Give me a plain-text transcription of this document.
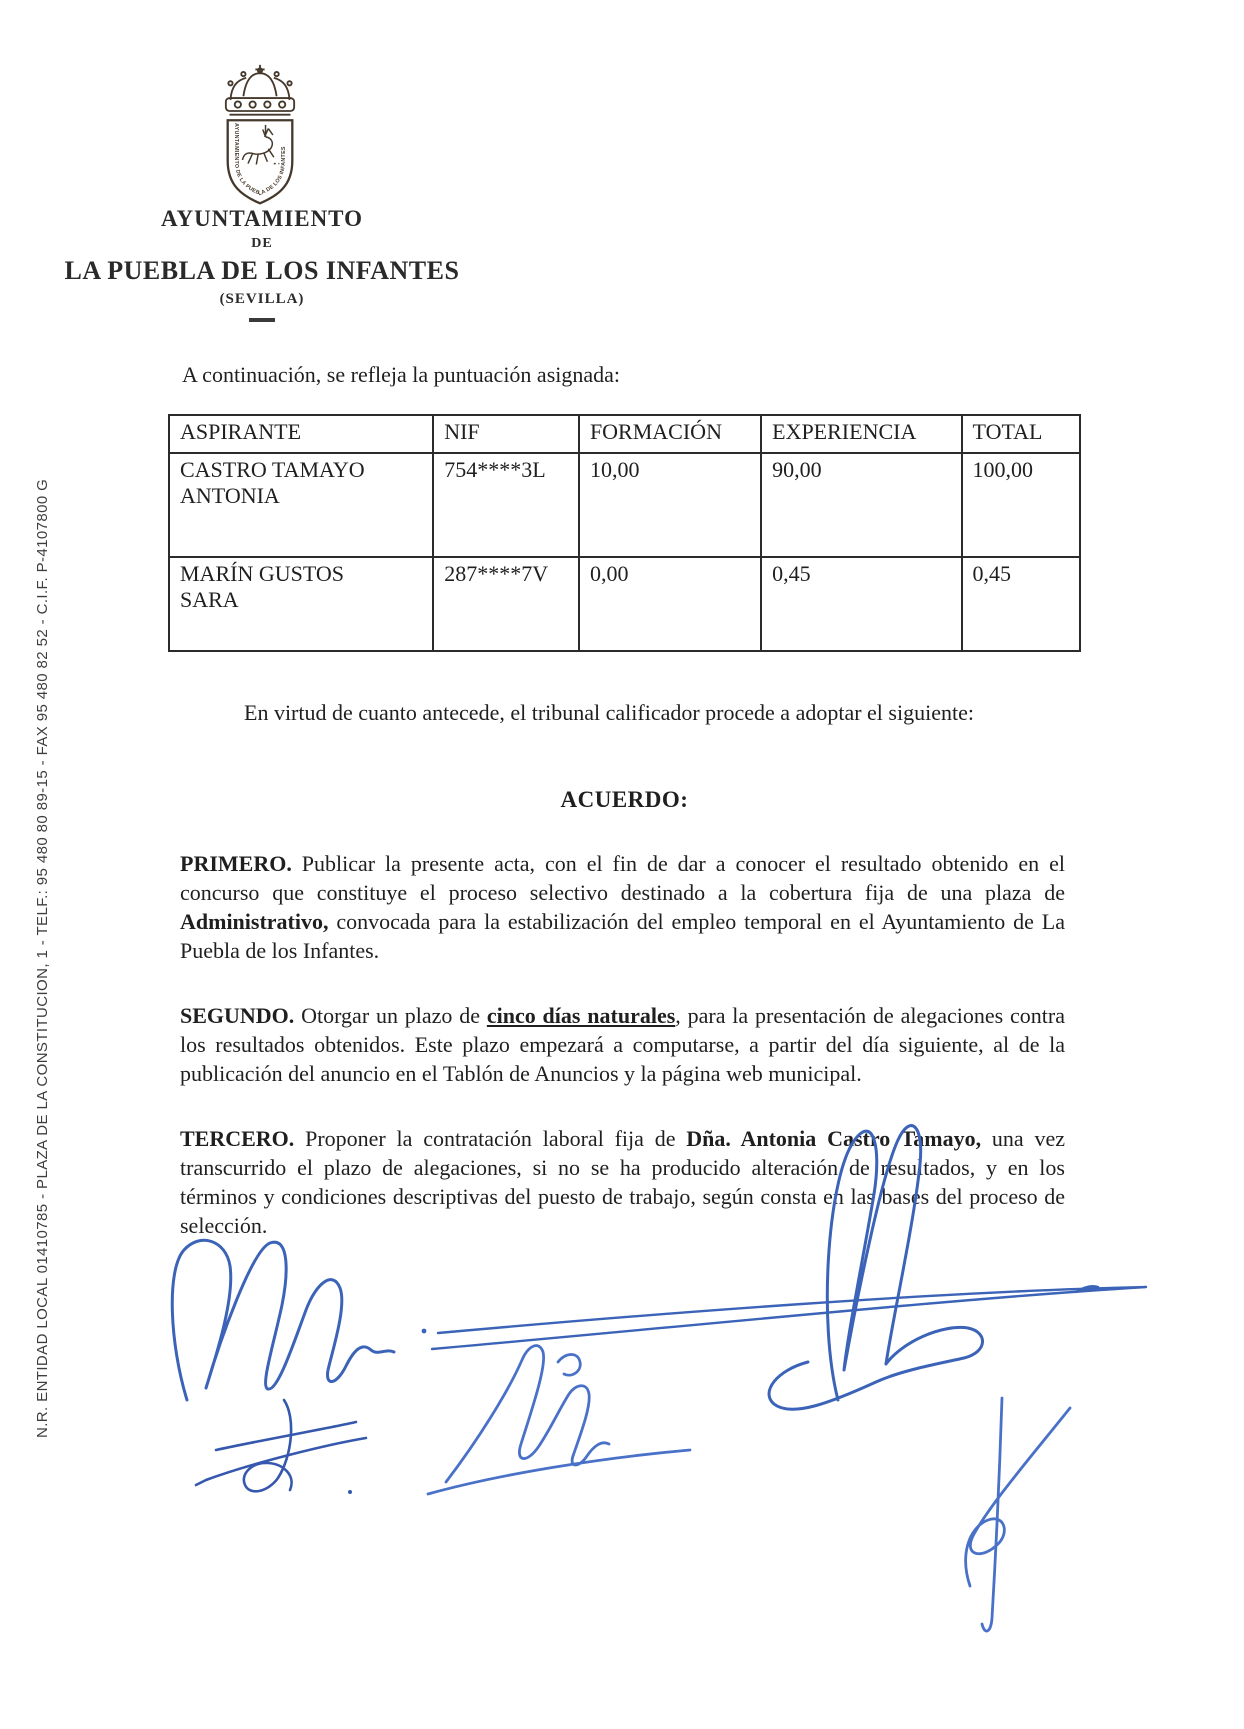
N.R. ENTIDAD LOCAL 01410785 - PLAZA DE LA CONSTITUCION, 1 - TELF.: 95 480 80 89-15 - FAX 95 480 82 52 - C.I.F. P-4107800 G
AYUNTAMIENTO DE LA PUEBLA DE LOS INFANTES
AYUNTAMIENTO
DE
LA PUEBLA DE LOS INFANTES
(SEVILLA)

A continuación, se refleja la puntuación asignada:

ASPIRANTE	NIF	FORMACIÓN	EXPERIENCIA	TOTAL

CASTRO TAMAYO
ANTONIA	754****3L	10,00	90,00	100,00

MARÍN GUSTOS
SARA	287****7V	0,00	0,45	0,45

En virtud de cuanto antecede, el tribunal calificador procede a adoptar el siguiente:

ACUERDO:

PRIMERO. Publicar la presente acta, con el fin de dar a conocer el resultado obtenido en el concurso que constituye el proceso selectivo destinado a la cobertura fija de una plaza de Administrativo, convocada para la estabilización del empleo temporal en el Ayuntamiento de La Puebla de los Infantes.

SEGUNDO. Otorgar un plazo de cinco días naturales, para la presentación de alegaciones contra los resultados obtenidos. Este plazo empezará a computarse, a partir del día siguiente, al de la publicación del anuncio en el Tablón de Anuncios y la página web municipal.

TERCERO. Proponer la contratación laboral fija de Dña. Antonia Castro Tamayo, una vez transcurrido el plazo de alegaciones, si no se ha producido alteración de resultados, y en los términos y condiciones descriptivas del puesto de trabajo, según consta en las bases del proceso de selección.
